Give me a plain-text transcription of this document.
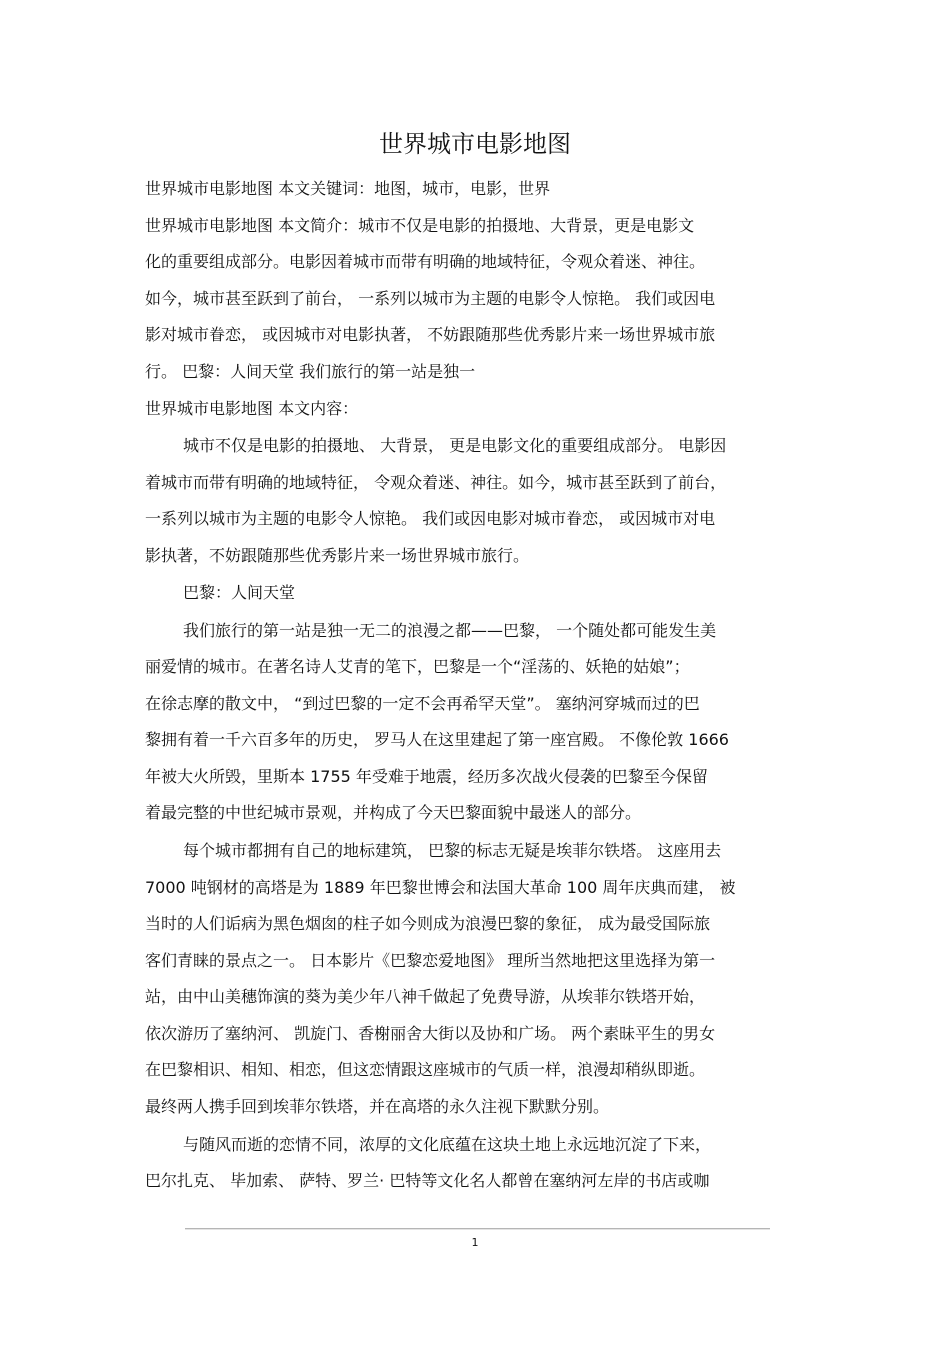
世界城市电影地图
世界城市电影地图 本文关键词：地图，城市，电影，世界
世界城市电影地图 本文简介：城市不仅是电影的拍摄地、大背景，更是电影文
化的重要组成部分。电影因着城市而带有明确的地域特征，令观众着迷、神往。
如今，城市甚至跃到了前台， 一系列以城市为主题的电影令人惊艳。 我们或因电
影对城市眷恋， 或因城市对电影执著， 不妨跟随那些优秀影片来一场世界城市旅
行。 巴黎：人间天堂 我们旅行的第一站是独一
世界城市电影地图 本文内容：
城市不仅是电影的拍摄地、 大背景， 更是电影文化的重要组成部分。 电影因
着城市而带有明确的地域特征， 令观众着迷、神往。如今，城市甚至跃到了前台，
一系列以城市为主题的电影令人惊艳。 我们或因电影对城市眷恋， 或因城市对电
影执著，不妨跟随那些优秀影片来一场世界城市旅行。
巴黎：人间天堂
我们旅行的第一站是独一无二的浪漫之都——巴黎， 一个随处都可能发生美
丽爱情的城市。在著名诗人艾青的笔下，巴黎是一个“淫荡的、妖艳的姑娘”；
在徐志摩的散文中， “到过巴黎的一定不会再希罕天堂”。 塞纳河穿城而过的巴
黎拥有着一千六百多年的历史， 罗马人在这里建起了第一座宫殿。 不像伦敦 1666
年被大火所毁，里斯本 1755 年受难于地震，经历多次战火侵袭的巴黎至今保留
着最完整的中世纪城市景观，并构成了今天巴黎面貌中最迷人的部分。
每个城市都拥有自己的地标建筑， 巴黎的标志无疑是埃菲尔铁塔。 这座用去
7000 吨钢材的高塔是为 1889 年巴黎世博会和法国大革命 100 周年庆典而建， 被
当时的人们诟病为黑色烟囱的柱子如今则成为浪漫巴黎的象征， 成为最受国际旅
客们青睐的景点之一。 日本影片《巴黎恋爱地图》 理所当然地把这里选择为第一
站，由中山美穗饰演的葵为美少年八神千做起了免费导游，从埃菲尔铁塔开始，
依次游历了塞纳河、 凯旋门、香榭丽舍大街以及协和广场。 两个素昧平生的男女
在巴黎相识、相知、相恋，但这恋情跟这座城市的气质一样，浪漫却稍纵即逝。
最终两人携手回到埃菲尔铁塔，并在高塔的永久注视下默默分别。
与随风而逝的恋情不同，浓厚的文化底蕴在这块土地上永远地沉淀了下来，
巴尔扎克、 毕加索、 萨特、罗兰· 巴特等文化名人都曾在塞纳河左岸的书店或咖
1
